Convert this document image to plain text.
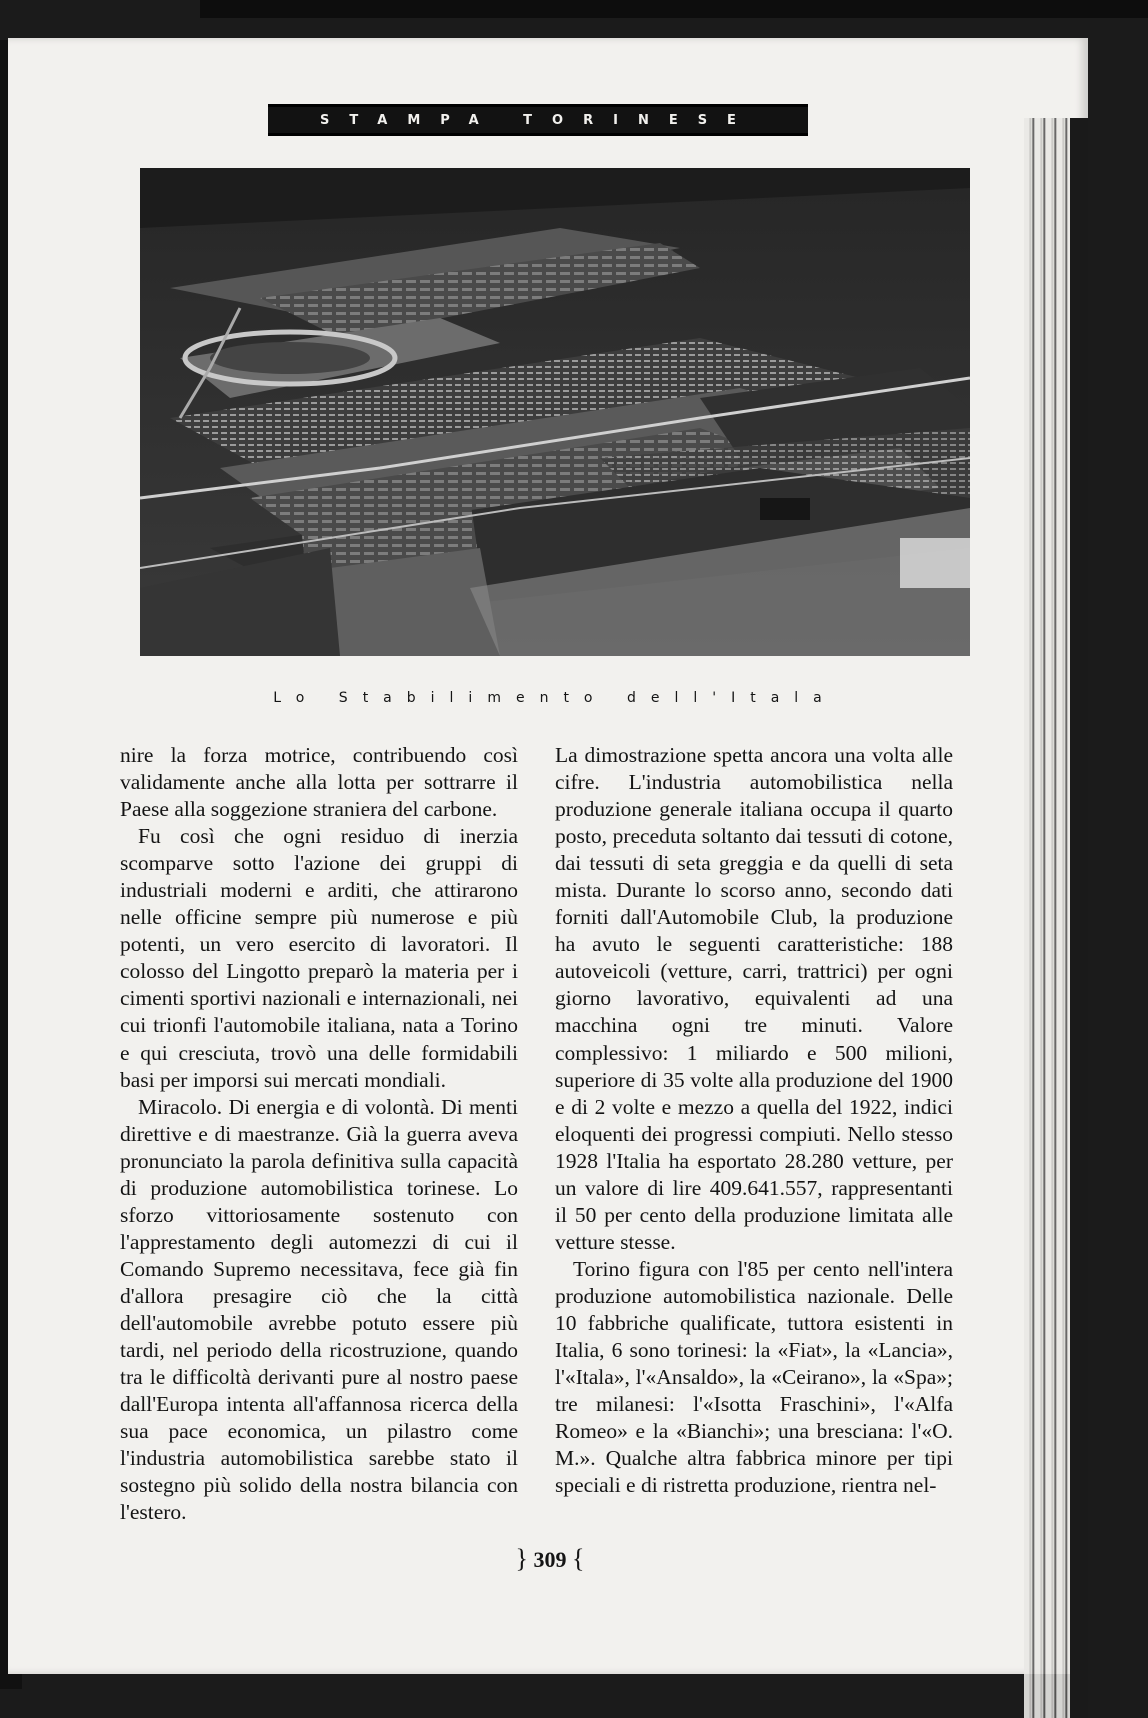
STAMPA TORINESE
Lo Stabilimento dell'Itala

nire la forza motrice, contribuendo così validamente anche alla lotta per sottrarre il Paese alla soggezione straniera del carbone.

Fu così che ogni residuo di inerzia scomparve sotto l'azione dei gruppi di industriali moderni e arditi, che attirarono nelle officine sempre più numerose e più potenti, un vero esercito di lavoratori. Il colosso del Lingotto preparò la materia per i cimenti sportivi nazionali e internazionali, nei cui trionfi l'automobile italiana, nata a Torino e qui cresciuta, trovò una delle formidabili basi per imporsi sui mercati mondiali.

Miracolo. Di energia e di volontà. Di menti direttive e di maestranze. Già la guerra aveva pronunciato la parola definitiva sulla capacità di produzione automobilistica torinese. Lo sforzo vittoriosamente sostenuto con l'apprestamento degli automezzi di cui il Comando Supremo necessitava, fece già fin d'allora presagire ciò che la città dell'automobile avrebbe potuto essere più tardi, nel periodo della ricostruzione, quando tra le difficoltà derivanti pure al nostro paese dall'Europa intenta all'affannosa ricerca della sua pace economica, un pilastro come l'industria automobilistica sarebbe stato il sostegno più solido della nostra bilancia con l'estero.

La dimostrazione spetta ancora una volta alle cifre. L'industria automobilistica nella produzione generale italiana occupa il quarto posto, preceduta soltanto dai tessuti di cotone, dai tessuti di seta greggia e da quelli di seta mista. Durante lo scorso anno, secondo dati forniti dall'Automobile Club, la produzione ha avuto le seguenti caratteristiche: 188 autoveicoli (vetture, carri, trattrici) per ogni giorno lavorativo, equivalenti ad una macchina ogni tre minuti. Valore complessivo: 1 miliardo e 500 milioni, superiore di 35 volte alla produzione del 1900 e di 2 volte e mezzo a quella del 1922, indici eloquenti dei progressi compiuti. Nello stesso 1928 l'Italia ha esportato 28.280 vetture, per un valore di lire 409.641.557, rappresentanti il 50 per cento della produzione limitata alle vetture stesse.

Torino figura con l'85 per cento nell'intera produzione automobilistica nazionale. Delle 10 fabbriche qualificate, tuttora esistenti in Italia, 6 sono torinesi: la «Fiat», la «Lancia», l'«Itala», l'«Ansaldo», la «Ceirano», la «Spa»; tre milanesi: l'«Isotta Fraschini», l'«Alfa Romeo» e la «Bianchi»; una bresciana: l'«O. M.». Qualche altra fabbrica minore per tipi speciali e di ristretta produzione, rientra nel-

} 309 {
